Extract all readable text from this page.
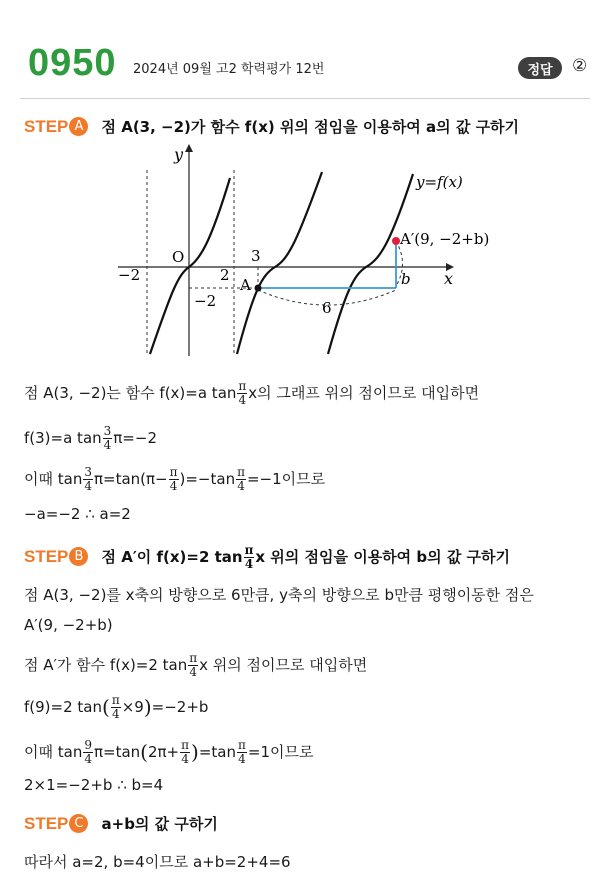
0950 2024년 09월 고2 학력평가 12번	정답	②
STEP A 점 A(3, −2)가 함수 f(x) 위의 점임을 이용하여 a의 값 구하기
y=f(x)
x
y
O
−2	2
3
−2
A
A′(9, −2+b)
b
6
점 A(3, −2)는 함수 f(x)=a $\tan \frac{\pi}{4}$ x의 그래프 위의 점이므로 대입하면
f(3)=a $\tan \frac{3}{4} \pi=-2$
이때 $\tan \frac{3}{4} \pi=\tan(\pi- \frac{\pi}{4} )=-\tan \frac{\pi}{4} =-1$이므로
−a=−2 ∴ a=2
STEP B 점 A′이 f(x)=2 $\tan \frac{\pi}{4}$ x 위의 점임을 이용하여 b의 값 구하기
점 A(3, −2)를 x축의 방향으로 6만큼, y축의 방향으로 b만큼 평행이동한 점은
A′(9, −2+b)
점 A′가 함수 f(x)=2 $\tan \frac{\pi}{4}$ x 위의 점이므로 대입하면
f(9)=2 $\tan( \frac{\pi}{4} \times 9)=-2+b$
이때 $\tan \frac{9}{4} \pi=\tan(2\pi+ \frac{\pi}{4} )=\tan \frac{\pi}{4} =1$이므로
2×1=−2+b ∴ b=4
STEP C a+b의 값 구하기
따라서 a=2, b=4이므로 a+b=2+4=6
